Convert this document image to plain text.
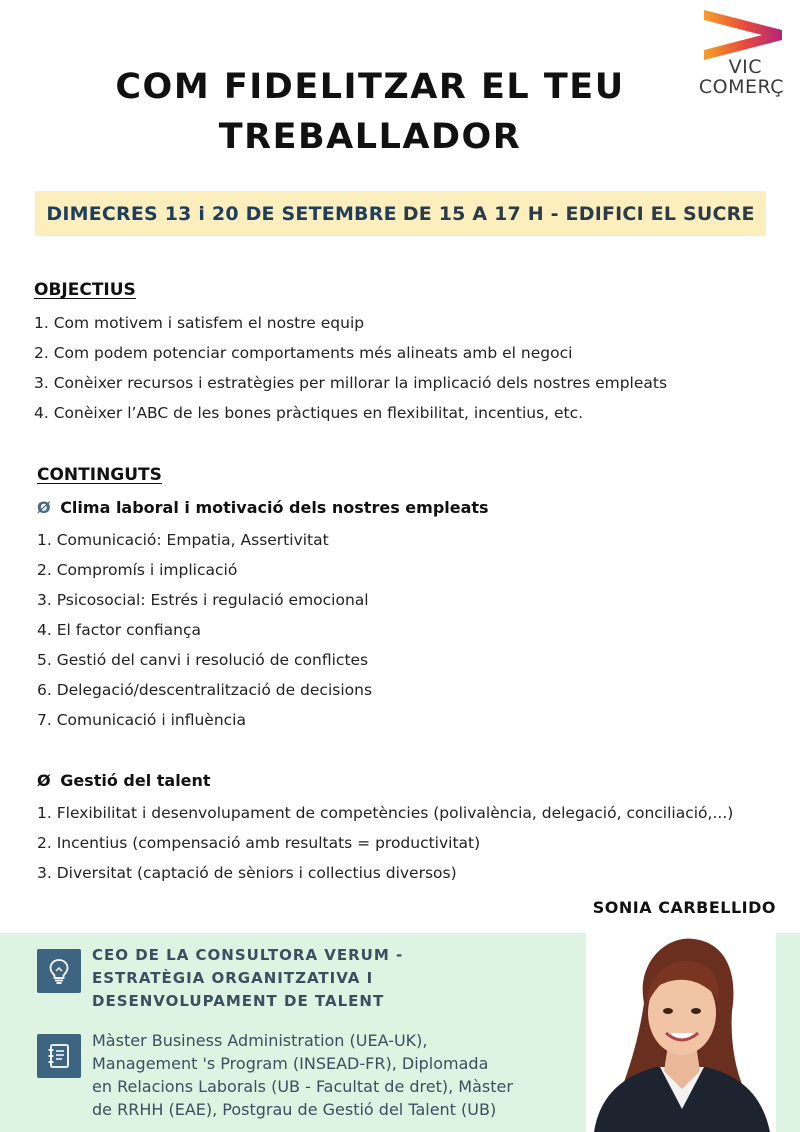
VIC
COMERÇ
COM FIDELITZAR EL TEU
TREBALLADOR
DIMECRES 13 i 20 DE SETEMBRE DE 15 A 17 H - EDIFICI EL SUCRE
OBJECTIUS
1. Com motivem i satisfem el nostre equip
2. Com podem potenciar comportaments més alineats amb el negoci
3. Conèixer recursos i estratègies per millorar la implicació dels nostres empleats
4. Conèixer l’ABC de les bones pràctiques en flexibilitat, incentius, etc.
CONTINGUTS
Ø Clima laboral i motivació dels nostres empleats
1. Comunicació: Empatia, Assertivitat
2. Compromís i implicació
3. Psicosocial: Estrés i regulació emocional
4. El factor confiança
5. Gestió del canvi i resolució de conflictes
6. Delegació/descentralització de decisions
7. Comunicació i influència
Ø Gestió del talent
1. Flexibilitat i desenvolupament de competències (polivalència, delegació, conciliació,...)
2. Incentius (compensació amb resultats = productivitat)
3. Diversitat (captació de sèniors i collectius diversos)
SONIA CARBELLIDO
CEO DE LA CONSULTORA VERUM -
ESTRATÈGIA ORGANITZATIVA I
DESENVOLUPAMENT DE TALENT
Màster Business Administration (UEA-UK),
Management 's Program (INSEAD-FR), Diplomada
en Relacions Laborals (UB - Facultat de dret), Màster
de RRHH (EAE), Postgrau de Gestió del Talent (UB)
